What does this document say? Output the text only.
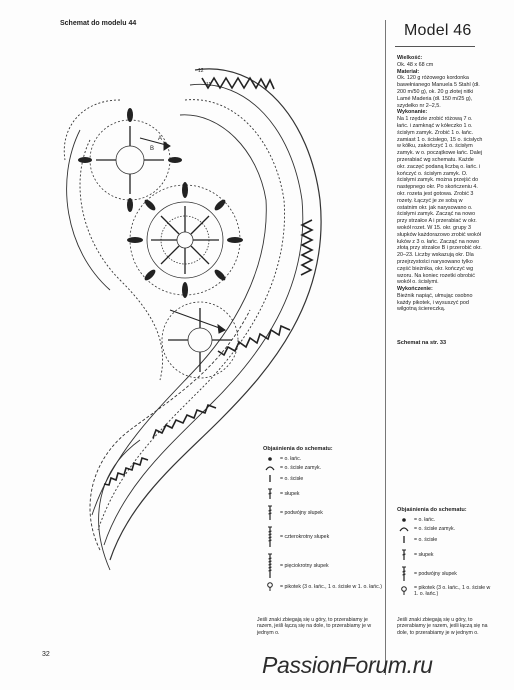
Schemat do modelu 44	Model 46
A
B
12
11

Wielkość:

Ok. 48 x 68 cm

Materiał:

Ok. 120 g różowego kordonka bawełnianego Manuela 5 Stahl (dł. 200 m/50 g), ok. 20 g złotej nitki Lamé Maderia (dł. 150 m/25 g), szydełko nr 2–2,5.

Wykonanie:

Na 1 rzędzie zrobić różową 7 o. łańc. i zamknąć w kółeczko 1 o. ścisłym zamyk. Zrobić 1 o. łańc. zamiast 1 o. ścisłego, 15 o. ścisłych w kółku, zakończyć 1 o. ścisłym zamyk. w o. początkowe łańc. Dalej przerabiać wg schematu. Każde okr. zaczęć podaną liczbą o. łańc. i kończyć o. ścisłym zamyk. O. ścisłymi zamyk. można przejść do następnego okr. Po skończeniu 4. okr. rozeta jest gotowa. Zrobić 3 rozety. Łączyć je ze sobą w ostatnim okr. jak narysowano o. ścisłymi zamyk. Zacząć na nowo przy strzałce A i przerabiać w okr. wokół rozet. W 15. okr. grupy 3 słupków każdorazowo zrobić wokół łuków z 3 o. łańc. Zacząć na nowo złotą przy strzałce B i przerobić okr. 20–23. Liczby wskazują okr. Dla przejrzystości narysowano tylko część bieżnika, okr. kończyć wg wzoru. Na koniec rozetki obrobić wokół o. ścisłymi.

Wykończenie:

Bieżnik napiąć, ułmując osobno każdy pikotek, i wysuszyć pod wilgotną ściereczką.

Schemat na str. 33
Objaśnienia do schematu:
= o. łańc.
= o. ścisłe zamyk.
= o. ścisłe
= słupek
= podwójny słupek
= czterokrotny słupek
= pięciokrotny słupek
= pikotek (3 o. łańc., 1 o. ścisłe w 1. o. łańc.)
Jeśli znaki zbiegają się u góry, to przerabiamy je razem, jeśli łączą się na dole, to przerabiamy je w jednym o.
Objaśnienia do schematu:
= o. łańc.
= o. ścisłe zamyk.
= o. ścisłe
= słupek
= podwójny słupek
= pikotek (3 o. łańc., 1 o. ścisłe w 1. o. łańc.)
Jeśli znaki zbiegają się u góry, to przerabiamy je razem, jeśli łączą się na dole, to przerabiamy je w jednym o.
32	PassionForum.ru
